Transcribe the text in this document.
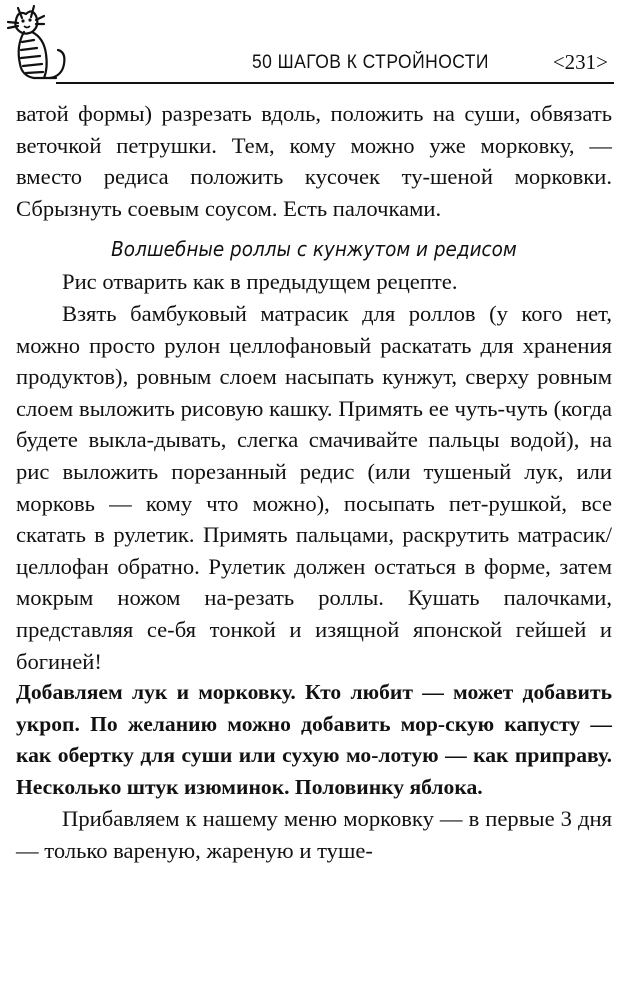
50 ШАГОВ К СТРОЙНОСТИ	<231>

ватой формы) разрезать вдоль, положить на суши, обвязать веточкой петрушки. Тем, кому можно уже морковку, — вместо редиса положить кусочек ту-шеной морковки. Сбрызнуть соевым соусом. Есть палочками.

Волшебные роллы с кунжутом и редисом

Рис отварить как в предыдущем рецепте.

Взять бамбуковый матрасик для роллов (у кого нет, можно просто рулон целлофановый раскатать для хранения продуктов), ровным слоем насыпать кунжут, сверху ровным слоем выложить рисовую кашку. Примять ее чуть-чуть (когда будете выкла-дывать, слегка смачивайте пальцы водой), на рис выложить порезанный редис (или тушеный лук, или морковь — кому что можно), посыпать пет-рушкой, все скатать в рулетик. Примять пальцами, раскрутить матрасик/целлофан обратно. Рулетик должен остаться в форме, затем мокрым ножом на-резать роллы. Кушать палочками, представляя се-бя тонкой и изящной японской гейшей и богиней!

Добавляем лук и морковку. Кто любит — может добавить укроп. По желанию можно добавить мор-скую капусту — как обертку для суши или сухую мо-лотую — как приправу. Несколько штук изюминок. Половинку яблока.

Прибавляем к нашему меню морковку — в первые 3 дня — только вареную, жареную и туше-
